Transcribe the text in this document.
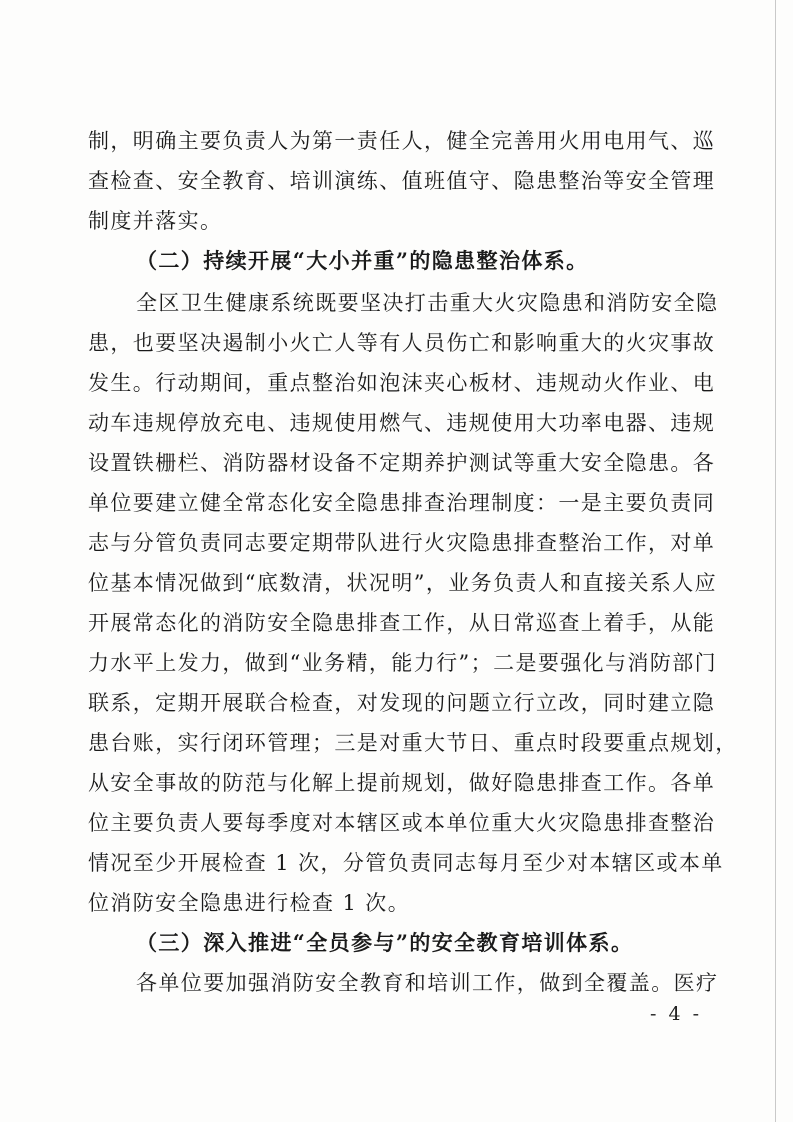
制，明确主要负责人为第一责任人，健全完善用火用电用气、巡
查检查、安全教育、培训演练、值班值守、隐患整治等安全管理
制度并落实。
（二）持续开展“大小并重”的隐患整治体系。
全区卫生健康系统既要坚决打击重大火灾隐患和消防安全隐
患，也要坚决遏制小火亡人等有人员伤亡和影响重大的火灾事故
发生。行动期间，重点整治如泡沫夹心板材、违规动火作业、电
动车违规停放充电、违规使用燃气、违规使用大功率电器、违规
设置铁栅栏、消防器材设备不定期养护测试等重大安全隐患。各
单位要建立健全常态化安全隐患排查治理制度：一是主要负责同
志与分管负责同志要定期带队进行火灾隐患排查整治工作，对单
位基本情况做到“底数清，状况明”，业务负责人和直接关系人应
开展常态化的消防安全隐患排查工作，从日常巡查上着手，从能
力水平上发力，做到“业务精，能力行”；二是要强化与消防部门
联系，定期开展联合检查，对发现的问题立行立改，同时建立隐
患台账，实行闭环管理；三是对重大节日、重点时段要重点规划，
从安全事故的防范与化解上提前规划，做好隐患排查工作。各单
位主要负责人要每季度对本辖区或本单位重大火灾隐患排查整治
情况至少开展检查 1 次，分管负责同志每月至少对本辖区或本单
位消防安全隐患进行检查 1 次。
（三）深入推进“全员参与”的安全教育培训体系。
各单位要加强消防安全教育和培训工作，做到全覆盖。医疗
- 4 -
